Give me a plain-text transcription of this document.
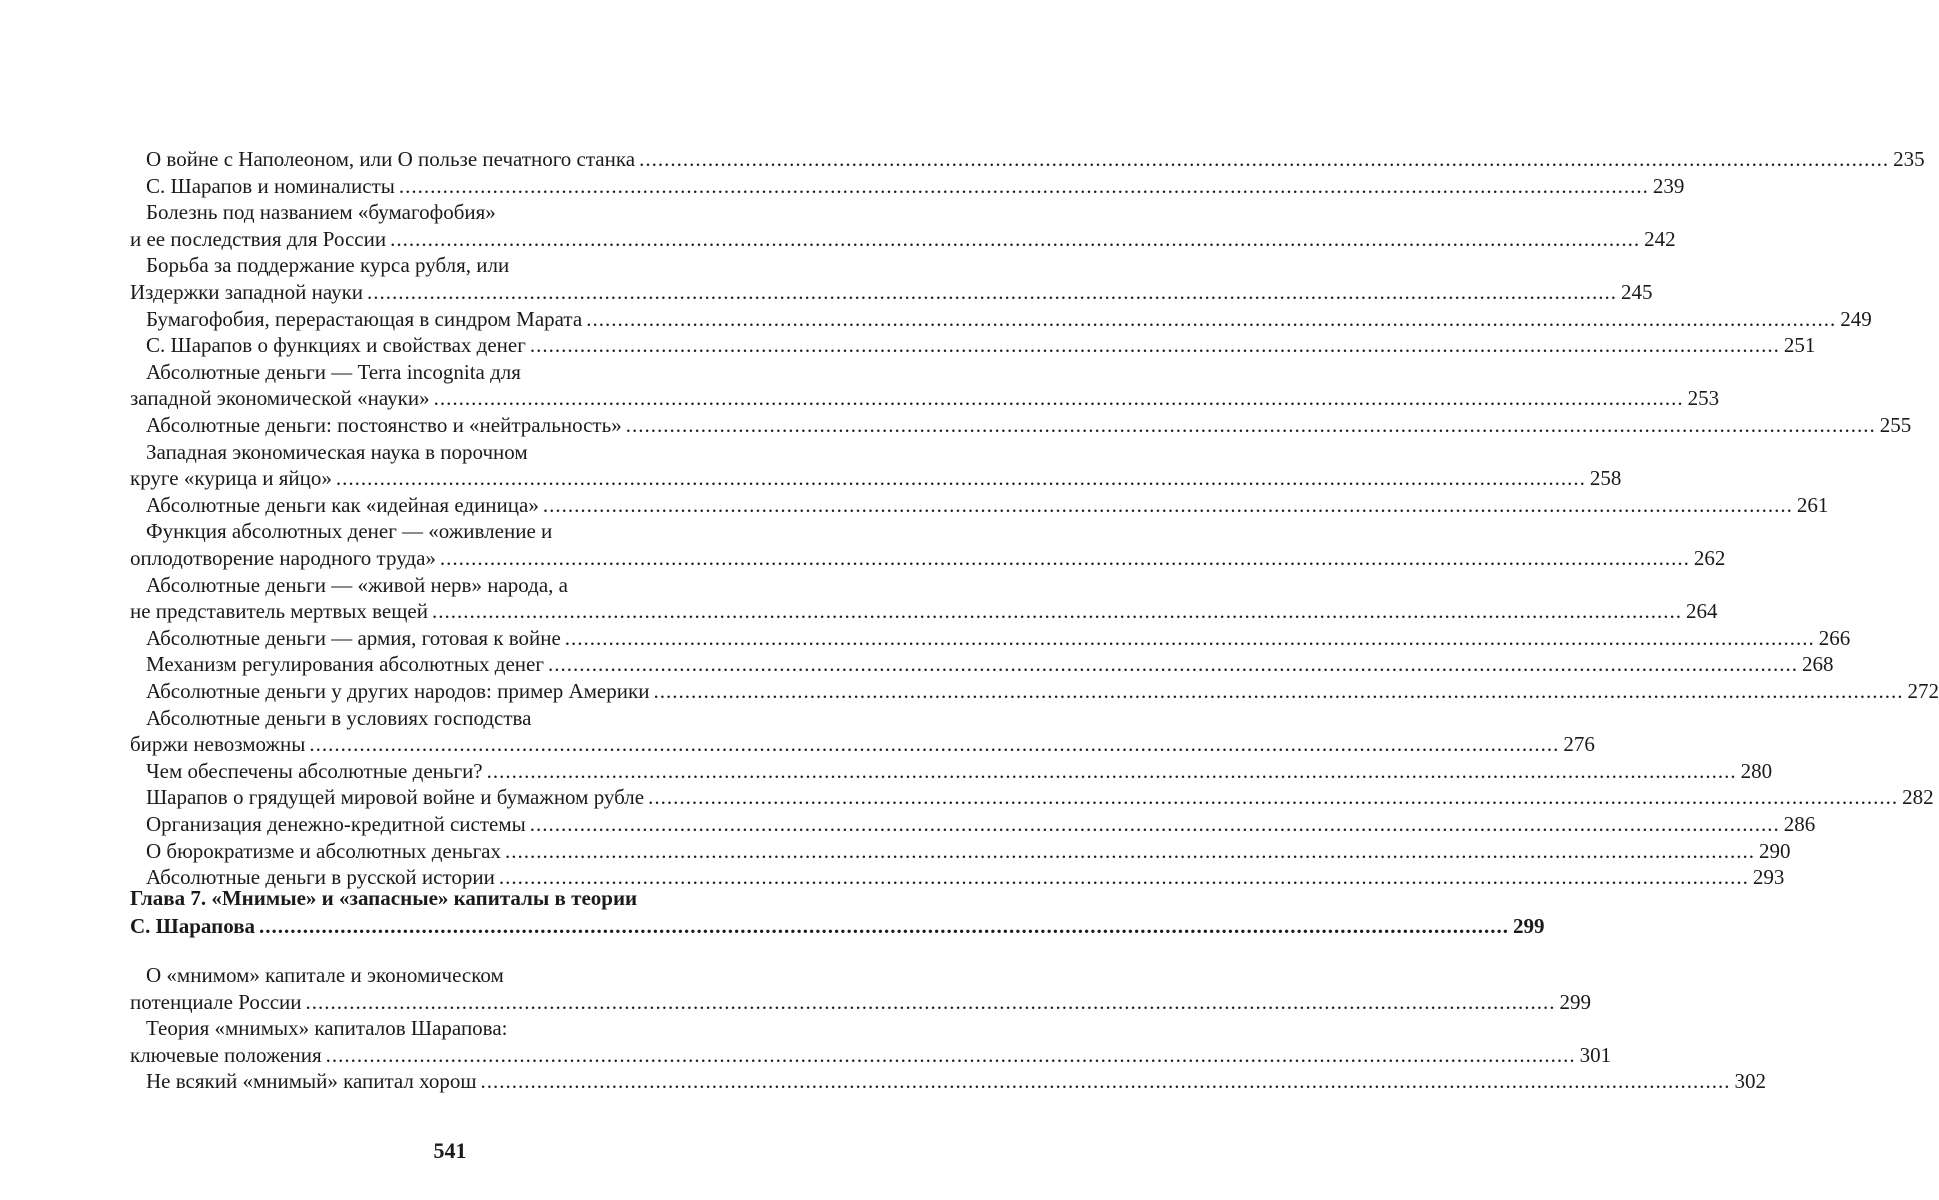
О войне с Наполеоном, или О пользе печатного станка ........................................................................................................................................................................................................ 235
С. Шарапов и номиналисты ........................................................................................................................................................................................................ 239
Болезнь под названием «бумагофобия»
и ее последствия для России ........................................................................................................................................................................................................ 242
Борьба за поддержание курса рубля, или
Издержки западной науки ........................................................................................................................................................................................................ 245
Бумагофобия, перерастающая в синдром Марата ........................................................................................................................................................................................................ 249
С. Шарапов о функциях и свойствах денег ........................................................................................................................................................................................................ 251
Абсолютные деньги — Terra incognita для
западной экономической «науки» ........................................................................................................................................................................................................ 253
Абсолютные деньги: постоянство и «нейтральность» ........................................................................................................................................................................................................ 255
Западная экономическая наука в порочном
круге «курица и яйцо» ........................................................................................................................................................................................................ 258
Абсолютные деньги как «идейная единица» ........................................................................................................................................................................................................ 261
Функция абсолютных денег — «оживление и
оплодотворение народного труда» ........................................................................................................................................................................................................ 262
Абсолютные деньги — «живой нерв» народа, а
не представитель мертвых вещей ........................................................................................................................................................................................................ 264
Абсолютные деньги — армия, готовая к войне ........................................................................................................................................................................................................ 266
Механизм регулирования абсолютных денег ........................................................................................................................................................................................................ 268
Абсолютные деньги у других народов: пример Америки ........................................................................................................................................................................................................ 272
Абсолютные деньги в условиях господства
биржи невозможны ........................................................................................................................................................................................................ 276
Чем обеспечены абсолютные деньги? ........................................................................................................................................................................................................ 280
Шарапов о грядущей мировой войне и бумажном рубле ........................................................................................................................................................................................................ 282
Организация денежно-кредитной системы ........................................................................................................................................................................................................ 286
О бюрократизме и абсолютных деньгах ........................................................................................................................................................................................................ 290
Абсолютные деньги в русской истории ........................................................................................................................................................................................................ 293
Глава 7. «Мнимые» и «запасные» капиталы в теории
С. Шарапова ........................................................................................................................................................................................................ 299
О «мнимом» капитале и экономическом
потенциале России ........................................................................................................................................................................................................ 299
Теория «мнимых» капиталов Шарапова:
ключевые положения ........................................................................................................................................................................................................ 301
Не всякий «мнимый» капитал хорош ........................................................................................................................................................................................................ 302
541
